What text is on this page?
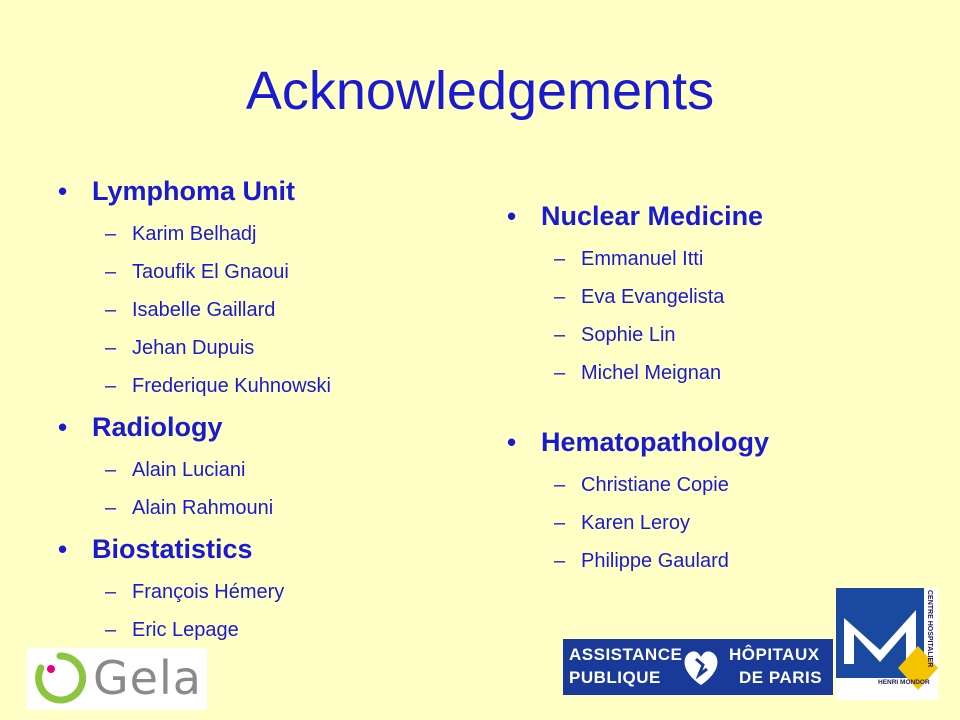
Acknowledgements
• Lymphoma Unit
– Karim Belhadj
– Taoufik El Gnaoui
– Isabelle Gaillard
– Jehan Dupuis
– Frederique Kuhnowski
• Radiology
– Alain Luciani
– Alain Rahmouni
• Biostatistics
– François Hémery
– Eric Lepage
• Nuclear Medicine
– Emmanuel Itti
– Eva Evangelista
– Sophie Lin
– Michel Meignan
• Hematopathology
– Christiane Copie
– Karen Leroy
– Philippe Gaulard
Gela	ASSISTANCE
PUBLIQUE
HÔPITAUX
DE PARIS
CENTRE HOSPITALIER
HENRI MONDOR
